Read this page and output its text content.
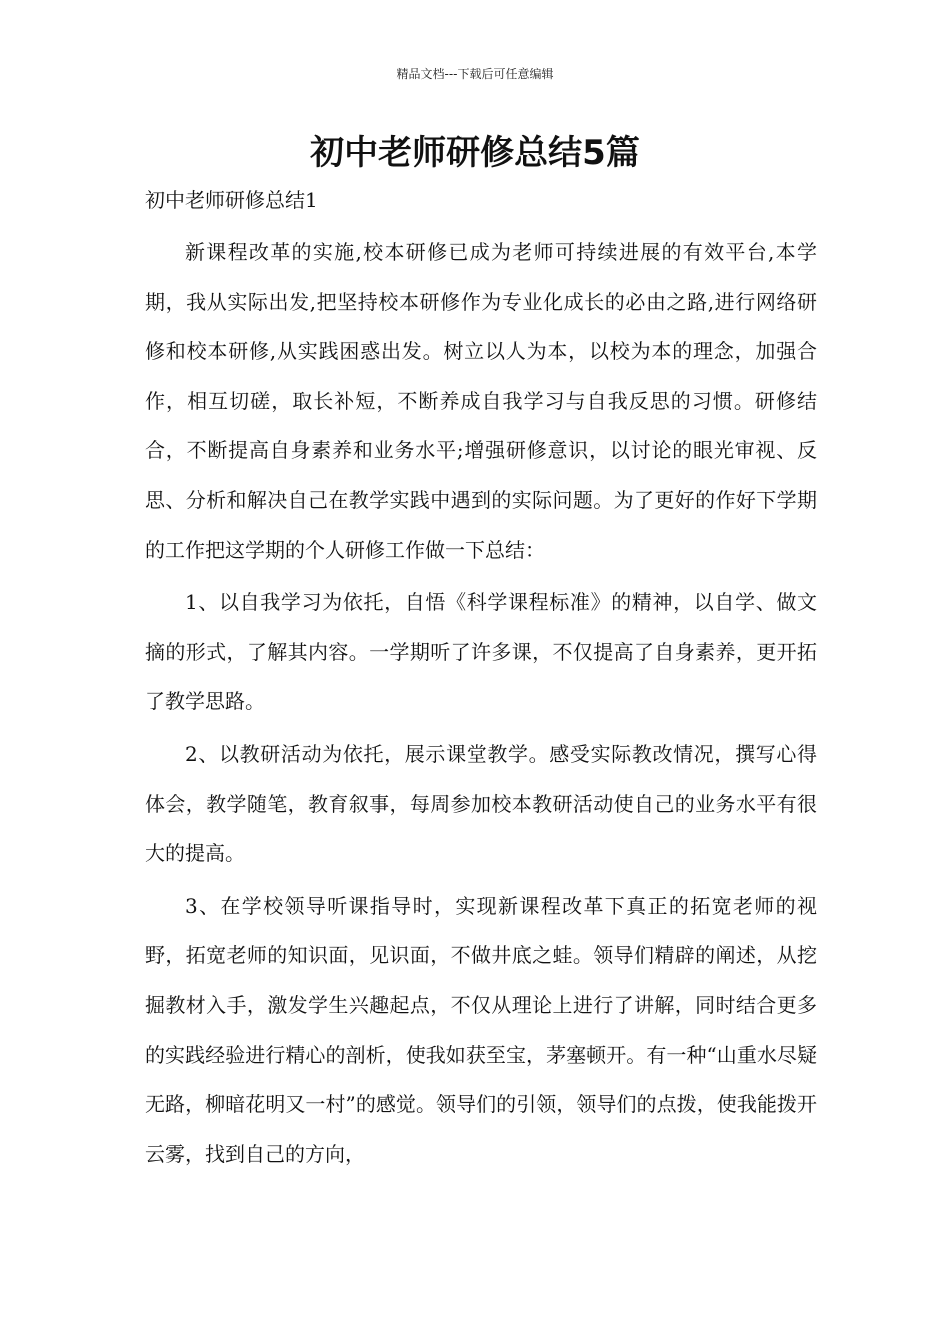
精品文档---下载后可任意编辑
初中老师研修总结5篇
初中老师研修总结1

新课程改革的实施,校本研修已成为老师可持续进展的有效平台,本学期，我从实际出发,把坚持校本研修作为专业化成长的必由之路,进行网络研修和校本研修,从实践困惑出发。树立以人为本，以校为本的理念，加强合作，相互切磋，取长补短，不断养成自我学习与自我反思的习惯。研修结合，不断提高自身素养和业务水平;增强研修意识，以讨论的眼光审视、反思、分析和解决自己在教学实践中遇到的实际问题。为了更好的作好下学期的工作把这学期的个人研修工作做一下总结：

1、以自我学习为依托，自悟《科学课程标准》的精神，以自学、做文摘的形式，了解其内容。一学期听了许多课，不仅提高了自身素养，更开拓了教学思路。

2、以教研活动为依托，展示课堂教学。感受实际教改情况，撰写心得体会，教学随笔，教育叙事，每周参加校本教研活动使自己的业务水平有很大的提高。

3、在学校领导听课指导时，实现新课程改革下真正的拓宽老师的视野，拓宽老师的知识面，见识面，不做井底之蛙。领导们精辟的阐述，从挖掘教材入手，激发学生兴趣起点，不仅从理论上进行了讲解，同时结合更多的实践经验进行精心的剖析，使我如获至宝，茅塞顿开。有一种“山重水尽疑无路，柳暗花明又一村”的感觉。领导们的引领，领导们的点拨，使我能拨开云雾，找到自己的方向，
